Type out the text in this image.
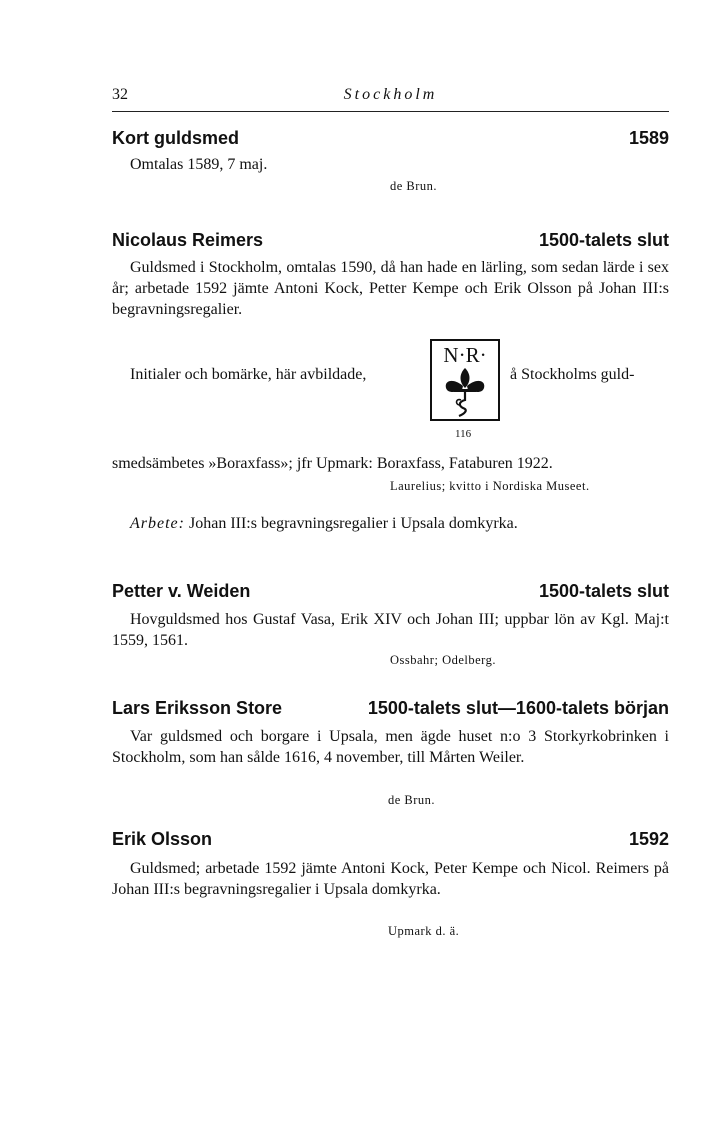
32	Stockholm
Kort guldsmed	1589
Omtalas 1589, 7 maj.
de Brun.
Nicolaus Reimers	1500-talets slut
Guldsmed i Stockholm, omtalas 1590, då han hade en lärling, som sedan lärde i sex år; arbetade 1592 jämte Antoni Kock, Petter Kempe och Erik Olsson på Johan III:s begravningsregalier.
Initialer och bomärke, här avbildade,	å Stockholms guld-
N·R·
116
smedsämbetes »Boraxfass»; jfr Upmark: Boraxfass, Fataburen 1922.
Laurelius; kvitto i Nordiska Museet.
Arbete: Johan III:s begravningsregalier i Upsala domkyrka.
Petter v. Weiden	1500-talets slut
Hovguldsmed hos Gustaf Vasa, Erik XIV och Johan III; uppbar lön av Kgl. Maj:t 1559, 1561.
Ossbahr; Odelberg.
Lars Eriksson Store	1500-talets slut—1600-talets början
Var guldsmed och borgare i Upsala, men ägde huset n:o 3 Storkyrkobrinken i Stockholm, som han sålde 1616, 4 november, till Mårten Weiler.
de Brun.
Erik Olsson	1592
Guldsmed; arbetade 1592 jämte Antoni Kock, Peter Kempe och Nicol. Reimers på Johan III:s begravningsregalier i Upsala domkyrka.
Upmark d. ä.
